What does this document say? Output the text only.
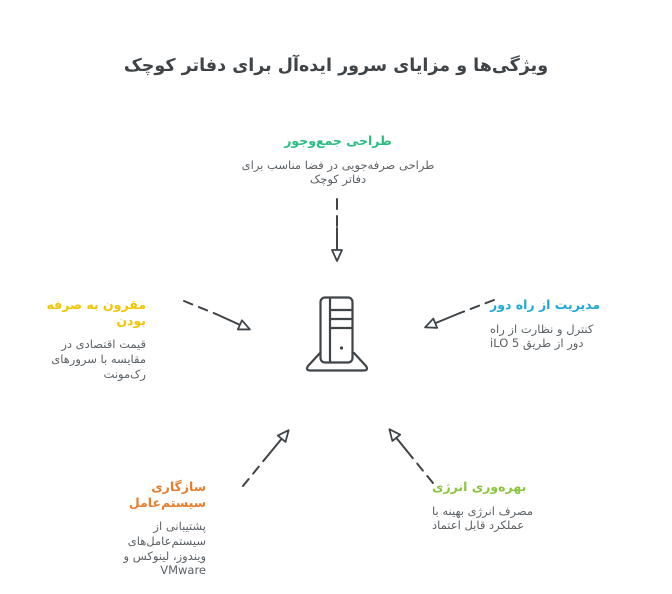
ویژگی‌ها و مزایای سرور ایده‌آل برای دفاتر کوچک
طراحی جمع‌وجور

طراحی صرفه‌جویی در فضا مناسب برای دفاتر کوچک

مقرون به صرفه بودن

قیمت اقتصادی در مقایسه با سرورهای رک‌مونت

مدیریت از راه دور

کنترل و نظارت از راه دور از طریق iLO 5

سازگاری سیستم‌عامل

پشتیبانی از سیستم‌عامل‌های ویندوز، لینوکس و VMware

بهره‌وری انرژی

مصرف انرژی بهینه با عملکرد قابل اعتماد
